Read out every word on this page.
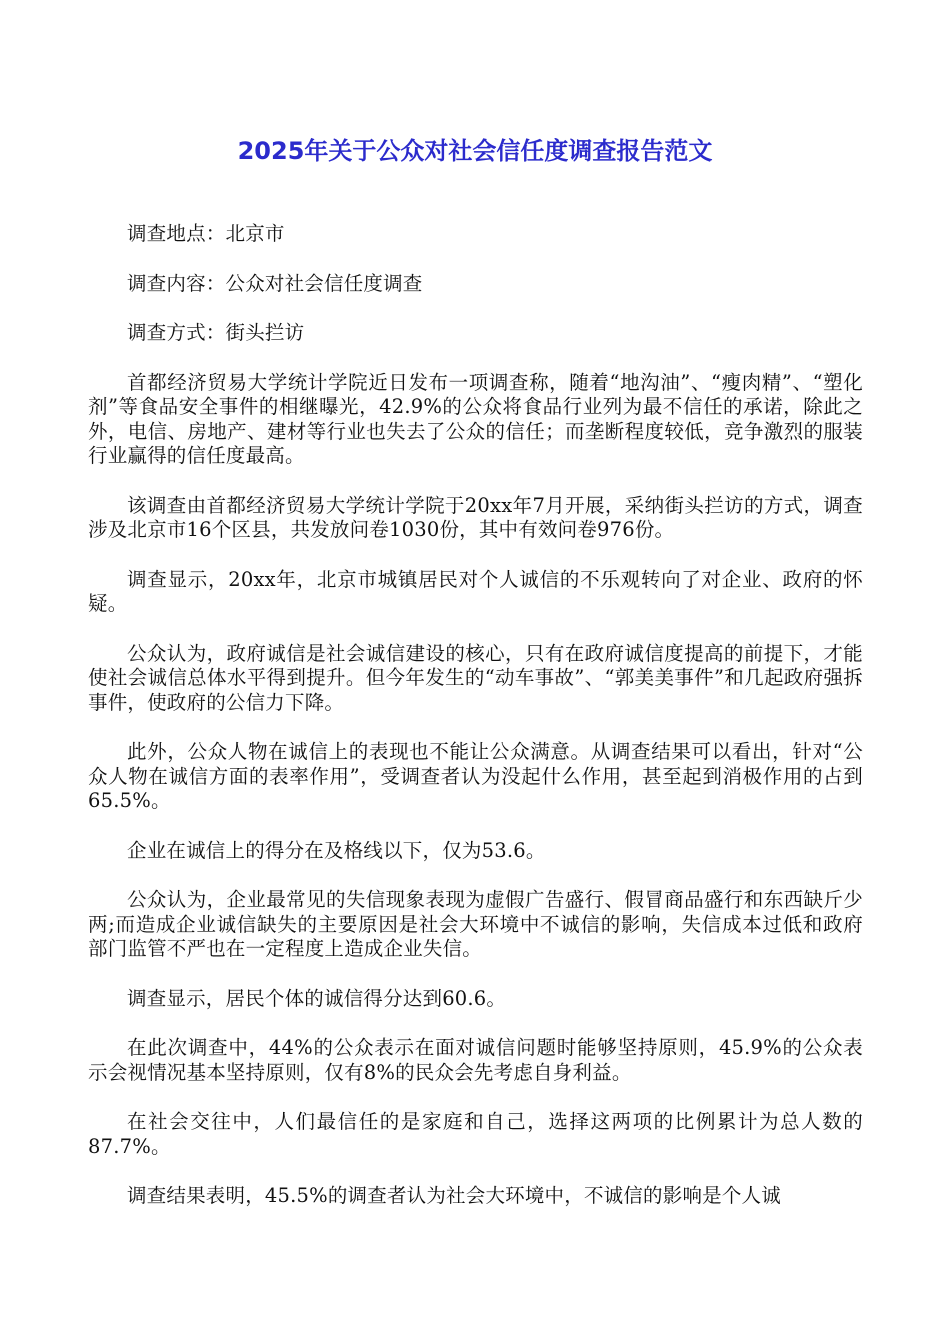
2025年关于公众对社会信任度调查报告范文

调查地点：北京市

调查内容：公众对社会信任度调查

调查方式：街头拦访

首都经济贸易大学统计学院近日发布一项调查称，随着“地沟油”、“瘦肉精”、“塑化剂”等食品安全事件的相继曝光，42.9%的公众将食品行业列为最不信任的承诺，除此之外，电信、房地产、建材等行业也失去了公众的信任；而垄断程度较低，竞争激烈的服装行业赢得的信任度最高。

该调查由首都经济贸易大学统计学院于20xx年7月开展，采纳街头拦访的方式，调查涉及北京市16个区县，共发放问卷1030份，其中有效问卷976份。

调查显示，20xx年，北京市城镇居民对个人诚信的不乐观转向了对企业、政府的怀疑。

公众认为，政府诚信是社会诚信建设的核心，只有在政府诚信度提高的前提下，才能使社会诚信总体水平得到提升。但今年发生的“动车事故”、“郭美美事件”和几起政府强拆事件，使政府的公信力下降。

此外，公众人物在诚信上的表现也不能让公众满意。从调查结果可以看出，针对“公众人物在诚信方面的表率作用”，受调查者认为没起什么作用，甚至起到消极作用的占到65.5%。

企业在诚信上的得分在及格线以下，仅为53.6。

公众认为，企业最常见的失信现象表现为虚假广告盛行、假冒商品盛行和东西缺斤少两;而造成企业诚信缺失的主要原因是社会大环境中不诚信的影响，失信成本过低和政府部门监管不严也在一定程度上造成企业失信。

调查显示，居民个体的诚信得分达到60.6。

在此次调查中，44%的公众表示在面对诚信问题时能够坚持原则，45.9%的公众表示会视情况基本坚持原则，仅有8%的民众会先考虑自身利益。

在社会交往中，人们最信任的是家庭和自己，选择这两项的比例累计为总人数的87.7%。

调查结果表明，45.5%的调查者认为社会大环境中，不诚信的影响是个人诚
